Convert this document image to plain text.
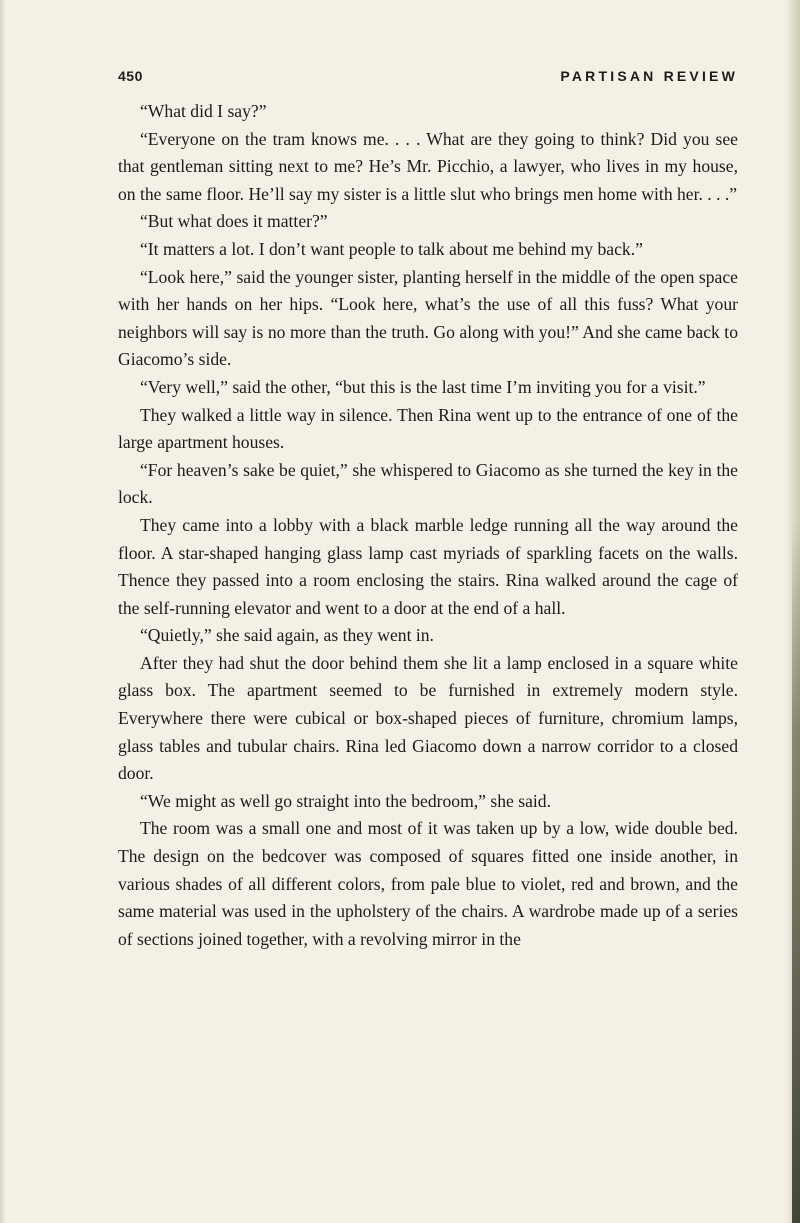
450	PARTISAN REVIEW

“What did I say?”

“Everyone on the tram knows me. . . . What are they going to think? Did you see that gentleman sitting next to me? He’s Mr. Picchio, a lawyer, who lives in my house, on the same floor. He’ll say my sister is a little slut who brings men home with her. . . .”

“But what does it matter?”

“It matters a lot. I don’t want people to talk about me behind my back.”

“Look here,” said the younger sister, planting herself in the middle of the open space with her hands on her hips. “Look here, what’s the use of all this fuss? What your neighbors will say is no more than the truth. Go along with you!” And she came back to Giacomo’s side.

“Very well,” said the other, “but this is the last time I’m inviting you for a visit.”

They walked a little way in silence. Then Rina went up to the entrance of one of the large apartment houses.

“For heaven’s sake be quiet,” she whispered to Giacomo as she turned the key in the lock.

They came into a lobby with a black marble ledge running all the way around the floor. A star-shaped hanging glass lamp cast myriads of sparkling facets on the walls. Thence they passed into a room enclosing the stairs. Rina walked around the cage of the self-running elevator and went to a door at the end of a hall.

“Quietly,” she said again, as they went in.

After they had shut the door behind them she lit a lamp enclosed in a square white glass box. The apartment seemed to be furnished in extremely modern style. Everywhere there were cubical or box-shaped pieces of furniture, chromium lamps, glass tables and tubular chairs. Rina led Giacomo down a narrow corridor to a closed door.

“We might as well go straight into the bedroom,” she said.

The room was a small one and most of it was taken up by a low, wide double bed. The design on the bedcover was composed of squares fitted one inside another, in various shades of all different colors, from pale blue to violet, red and brown, and the same material was used in the upholstery of the chairs. A wardrobe made up of a series of sections joined together, with a revolving mirror in the
